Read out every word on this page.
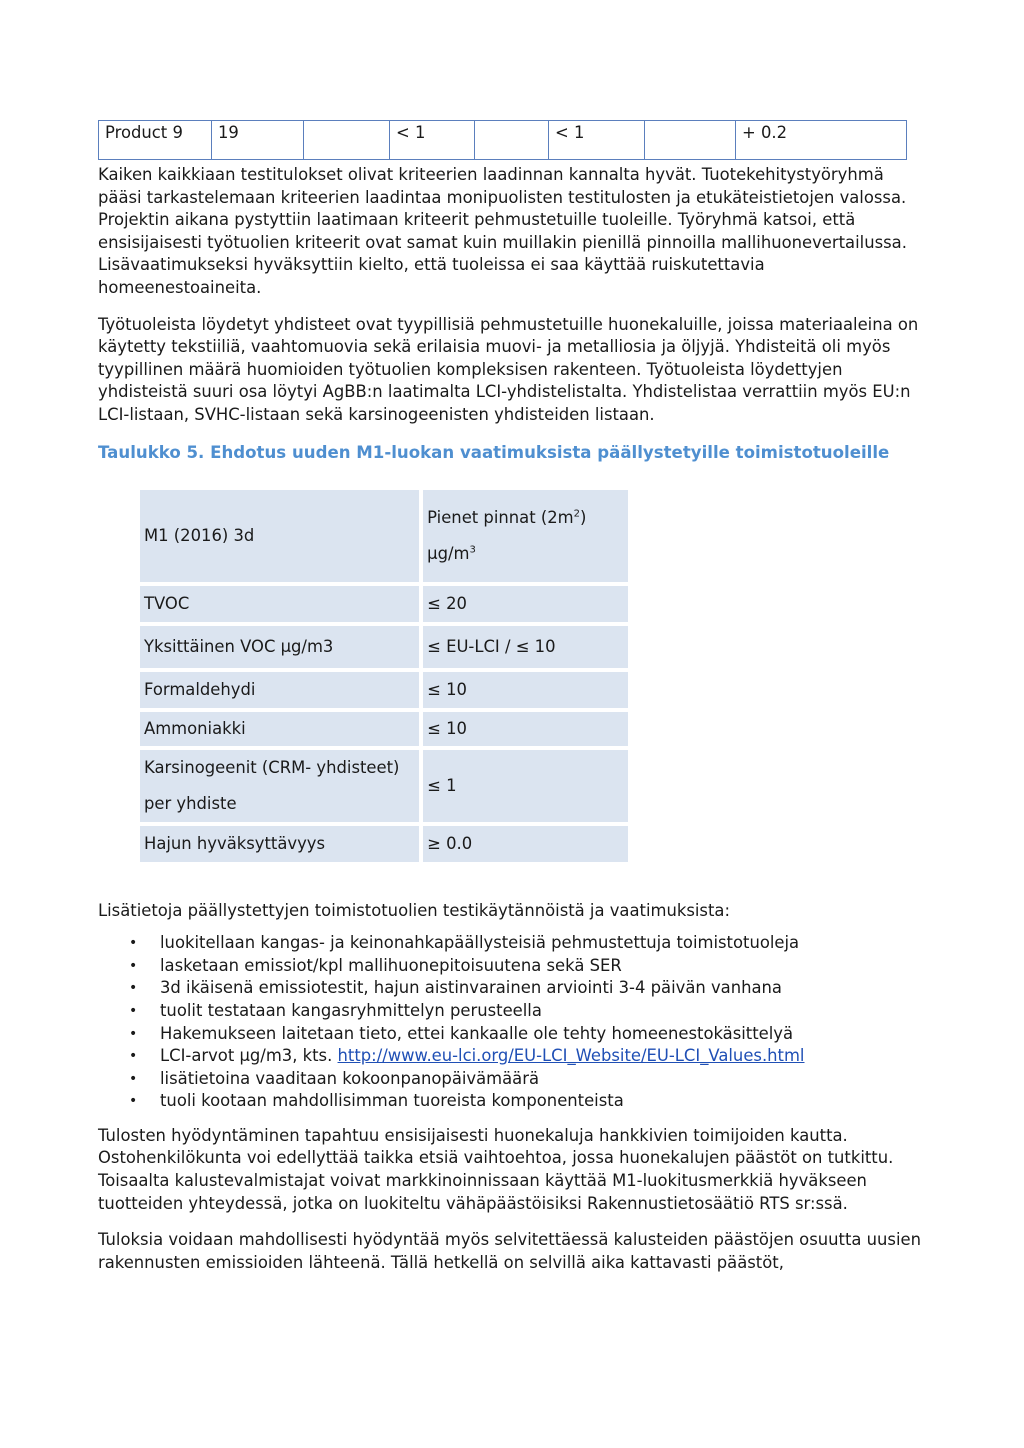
Product 9	19		< 1		< 1		+ 0.2

Kaiken kaikkiaan testitulokset olivat kriteerien laadinnan kannalta hyvät. Tuotekehitystyöryhmä pääsi tarkastelemaan kriteerien laadintaa monipuolisten testitulosten ja etukäteistietojen valossa. Projektin aikana pystyttiin laatimaan kriteerit pehmustetuille tuoleille. Työryhmä katsoi, että ensisijaisesti työtuolien kriteerit ovat samat kuin muillakin pienillä pinnoilla mallihuonevertailussa. Lisävaatimukseksi hyväksyttiin kielto, että tuoleissa ei saa käyttää ruiskutettavia homeenestoaineita.

Työtuoleista löydetyt yhdisteet ovat tyypillisiä pehmustetuille huonekaluille, joissa materiaaleina on käytetty tekstiiliä, vaahtomuovia sekä erilaisia muovi- ja metalliosia ja öljyjä. Yhdisteitä oli myös tyypillinen määrä huomioiden työtuolien kompleksisen rakenteen. Työtuoleista löydettyjen yhdisteistä suuri osa löytyi AgBB:n laatimalta LCI-yhdistelistalta. Yhdistelistaa verrattiin myös EU:n LCI-listaan, SVHC-listaan sekä karsinogeenisten yhdisteiden listaan.

Taulukko 5. Ehdotus uuden M1-luokan vaatimuksista päällystetyille toimistotuoleille
M1 (2016) 3d	Pienet pinnat $(2m^2)$
$\mu g/m^3$

TVOC	≤ 20
Yksittäinen VOC µg/m3	≤ EU-LCI / ≤ 10
Formaldehydi	≤ 10
Ammoniakki	≤ 10

Karsinogeenit (CRM- yhdisteet)
per yhdiste	≤ 1
Hajun hyväksyttävyys	≥ 0.0

Lisätietoja päällystettyjen toimistotuolien testikäytännöistä ja vaatimuksista:

• luokitellaan kangas- ja keinonahkapäällysteisiä pehmustettuja toimistotuoleja
• lasketaan emissiot/kpl mallihuonepitoisuutena sekä SER
• 3d ikäisenä emissiotestit, hajun aistinvarainen arviointi 3-4 päivän vanhana
• tuolit testataan kangasryhmittelyn perusteella
• Hakemukseen laitetaan tieto, ettei kankaalle ole tehty homeenestokäsittelyä
• LCI-arvot µg/m3, kts. http://www.eu-lci.org/EU-LCI_Website/EU-LCI_Values.html
• lisätietoina vaaditaan kokoonpanopäivämäärä
• tuoli kootaan mahdollisimman tuoreista komponenteista

Tulosten hyödyntäminen tapahtuu ensisijaisesti huonekaluja hankkivien toimijoiden kautta. Ostohenkilökunta voi edellyttää taikka etsiä vaihtoehtoa, jossa huonekalujen päästöt on tutkittu. Toisaalta kalustevalmistajat voivat markkinoinnissaan käyttää M1-luokitusmerkkiä hyväkseen tuotteiden yhteydessä, jotka on luokiteltu vähäpäästöisiksi Rakennustietosäätiö RTS sr:ssä.

Tuloksia voidaan mahdollisesti hyödyntää myös selvitettäessä kalusteiden päästöjen osuutta uusien rakennusten emissioiden lähteenä. Tällä hetkellä on selvillä aika kattavasti päästöt,
